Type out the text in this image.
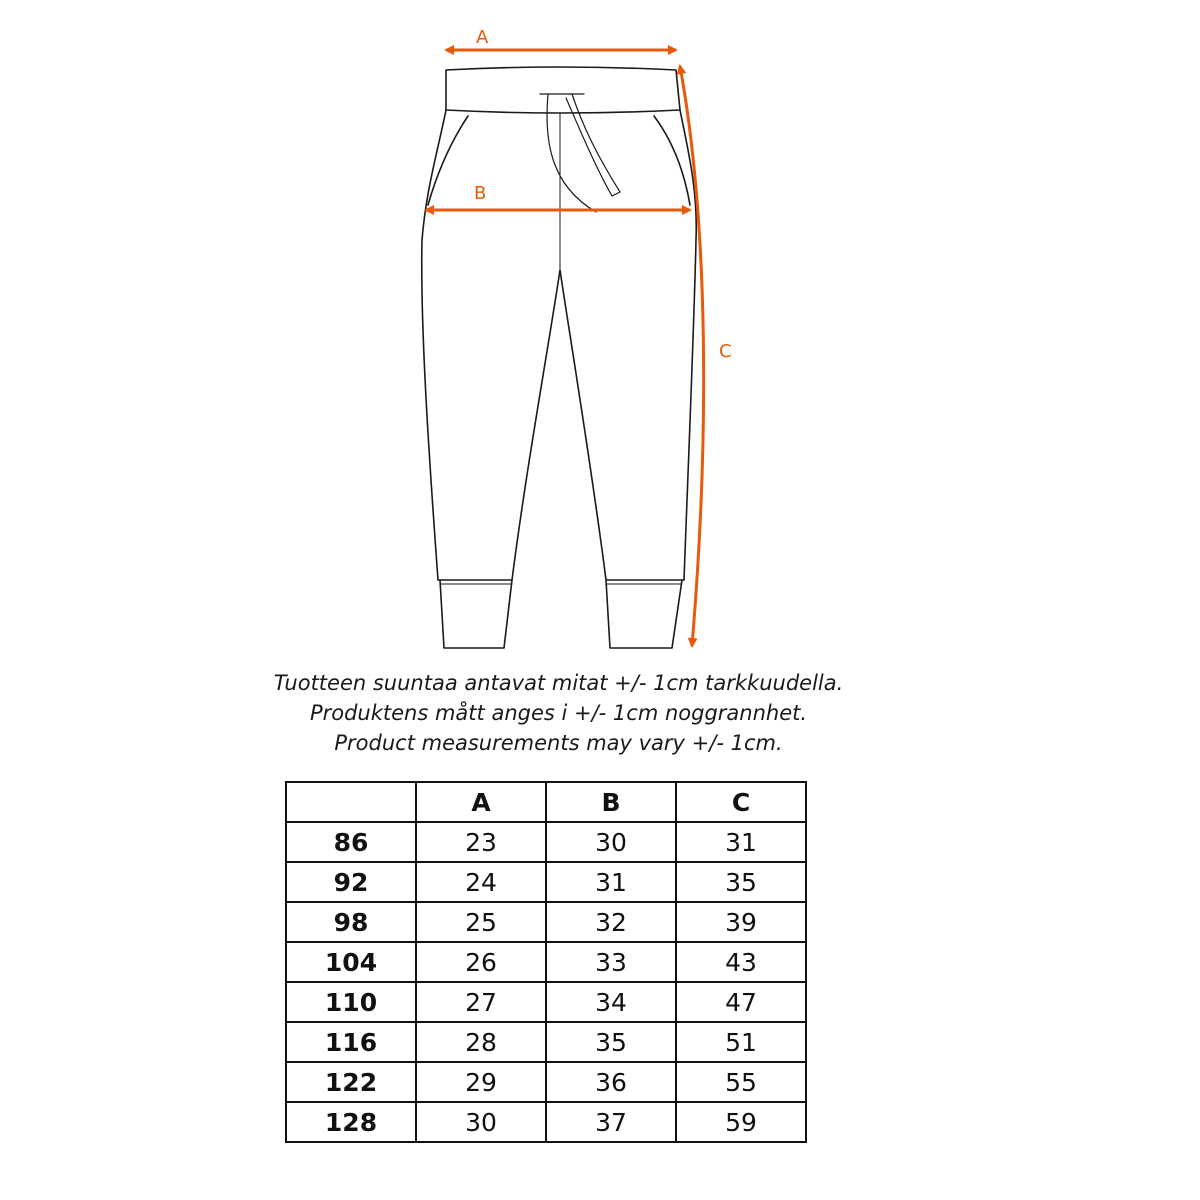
A
B
C
Tuotteen suuntaa antavat mitat +/- 1cm tarkkuudella.
Produktens mått anges i +/- 1cm noggrannhet.
Product measurements may vary +/- 1cm.
	A	B	C
86	23	30	31
92	24	31	35
98	25	32	39
104	26	33	43
110	27	34	47
116	28	35	51
122	29	36	55
128	30	37	59
